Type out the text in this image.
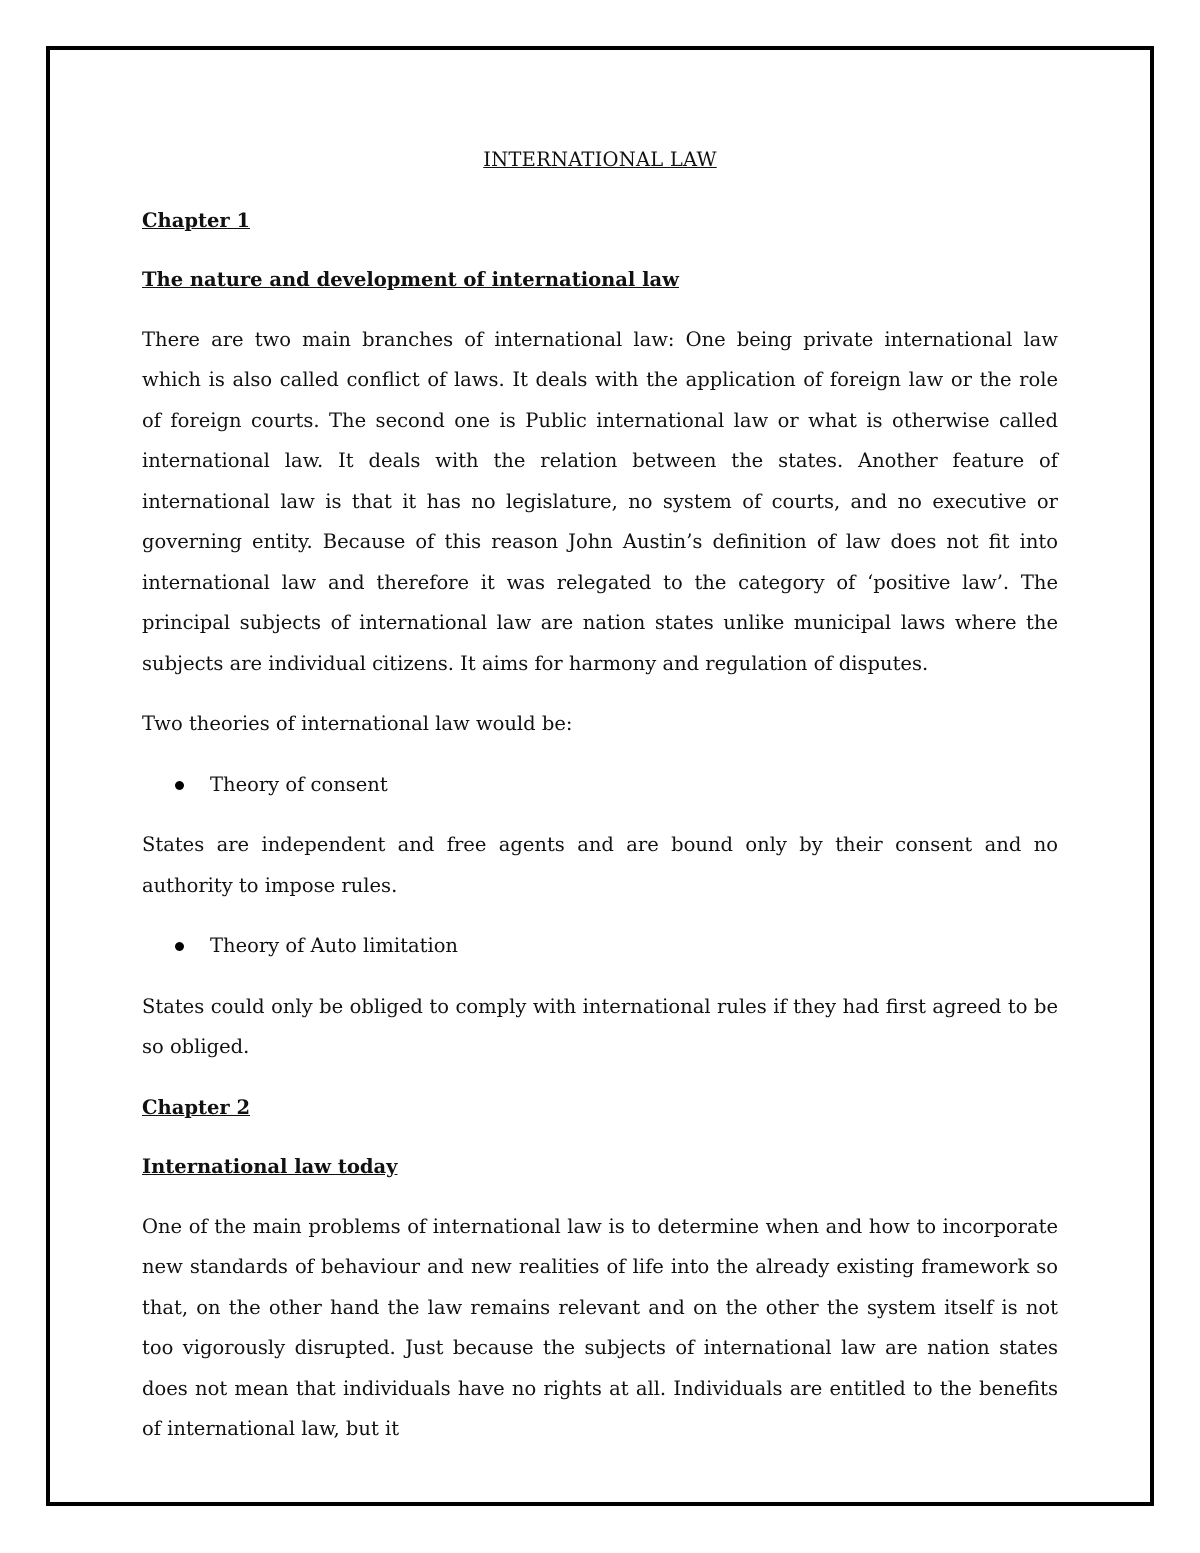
INTERNATIONAL LAW
Chapter 1
The nature and development of international law

There are two main branches of international law: One being private international law which is also called conflict of laws. It deals with the application of foreign law or the role of foreign courts. The second one is Public international law or what is otherwise called international law. It deals with the relation between the states. Another feature of international law is that it has no legislature, no system of courts, and no executive or governing entity. Because of this reason John Austin’s definition of law does not fit into international law and therefore it was relegated to the category of ‘positive law’. The principal subjects of international law are nation states unlike municipal laws where the subjects are individual citizens. It aims for harmony and regulation of disputes.

Two theories of international law would be:

Theory of consent

States are independent and free agents and are bound only by their consent and no authority to impose rules.

Theory of Auto limitation

States could only be obliged to comply with international rules if they had first agreed to be so obliged.

Chapter 2
International law today

One of the main problems of international law is to determine when and how to incorporate new standards of behaviour and new realities of life into the already existing framework so that, on the other hand the law remains relevant and on the other the system itself is not too vigorously disrupted. Just because the subjects of international law are nation states does not mean that individuals have no rights at all. Individuals are entitled to the benefits of international law, but it
